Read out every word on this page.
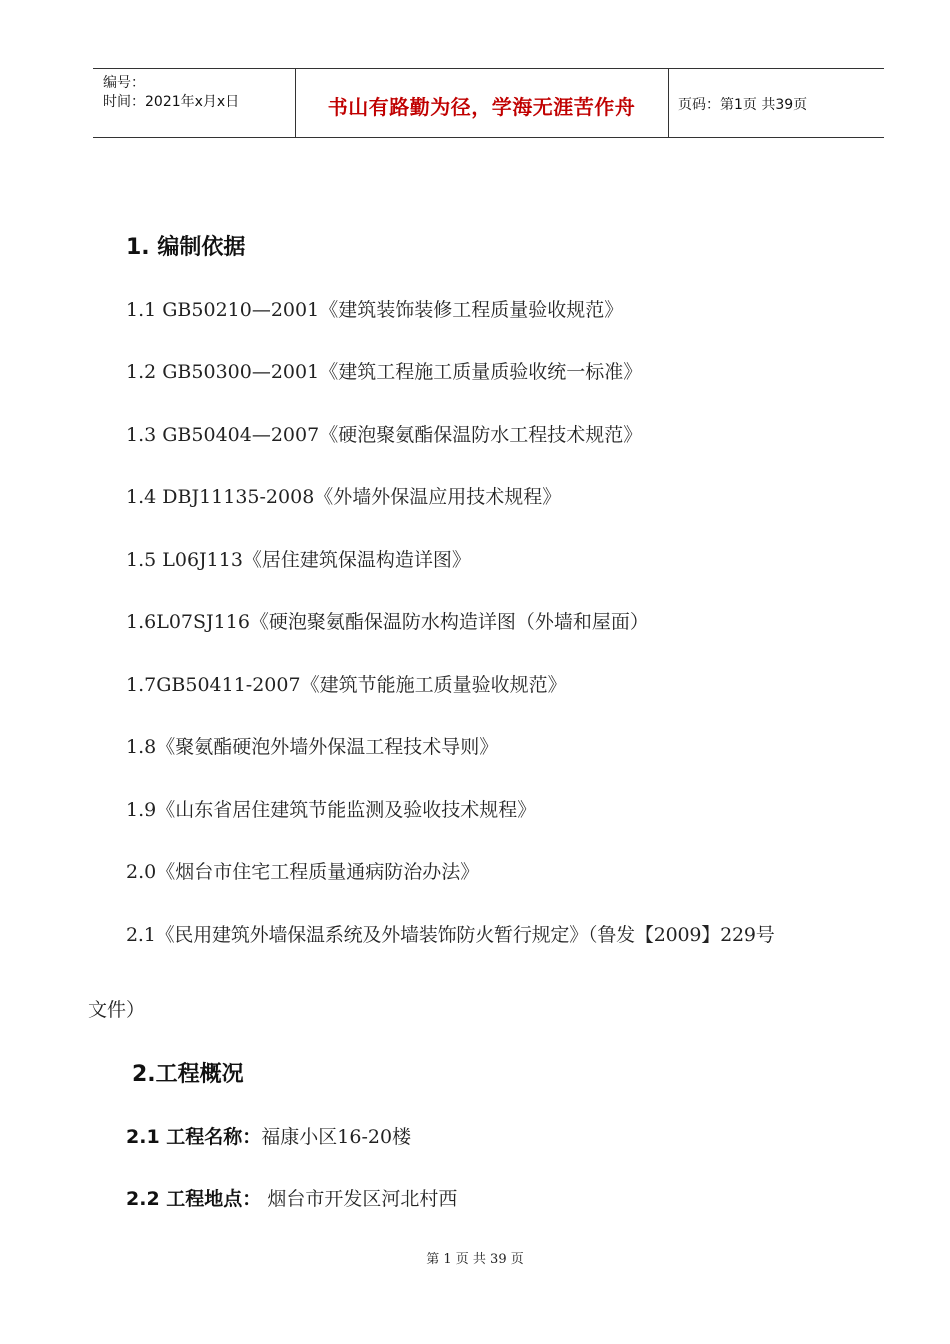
编号：
时间：2021年x月x日	书山有路勤为径，学海无涯苦作舟	页码：第1页 共39页
1. 编制依据
1.1 GB50210—2001《建筑装饰装修工程质量验收规范》
1.2 GB50300—2001《建筑工程施工质量质验收统一标准》
1.3 GB50404—2007《硬泡聚氨酯保温防水工程技术规范》
1.4 DBJ11135-2008《外墙外保温应用技术规程》
1.5 L06J113《居住建筑保温构造详图》
1.6L07SJ116《硬泡聚氨酯保温防水构造详图（外墙和屋面）
1.7GB50411-2007《建筑节能施工质量验收规范》
1.8《聚氨酯硬泡外墙外保温工程技术导则》
1.9《山东省居住建筑节能监测及验收技术规程》
2.0《烟台市住宅工程质量通病防治办法》
2.1《民用建筑外墙保温系统及外墙装饰防火暂行规定》（鲁发【2009】229号
文件）
2.工程概况
2.1 工程名称：福康小区16-20楼
2.2 工程地点： 烟台市开发区河北村西
第 1 页 共 39 页
